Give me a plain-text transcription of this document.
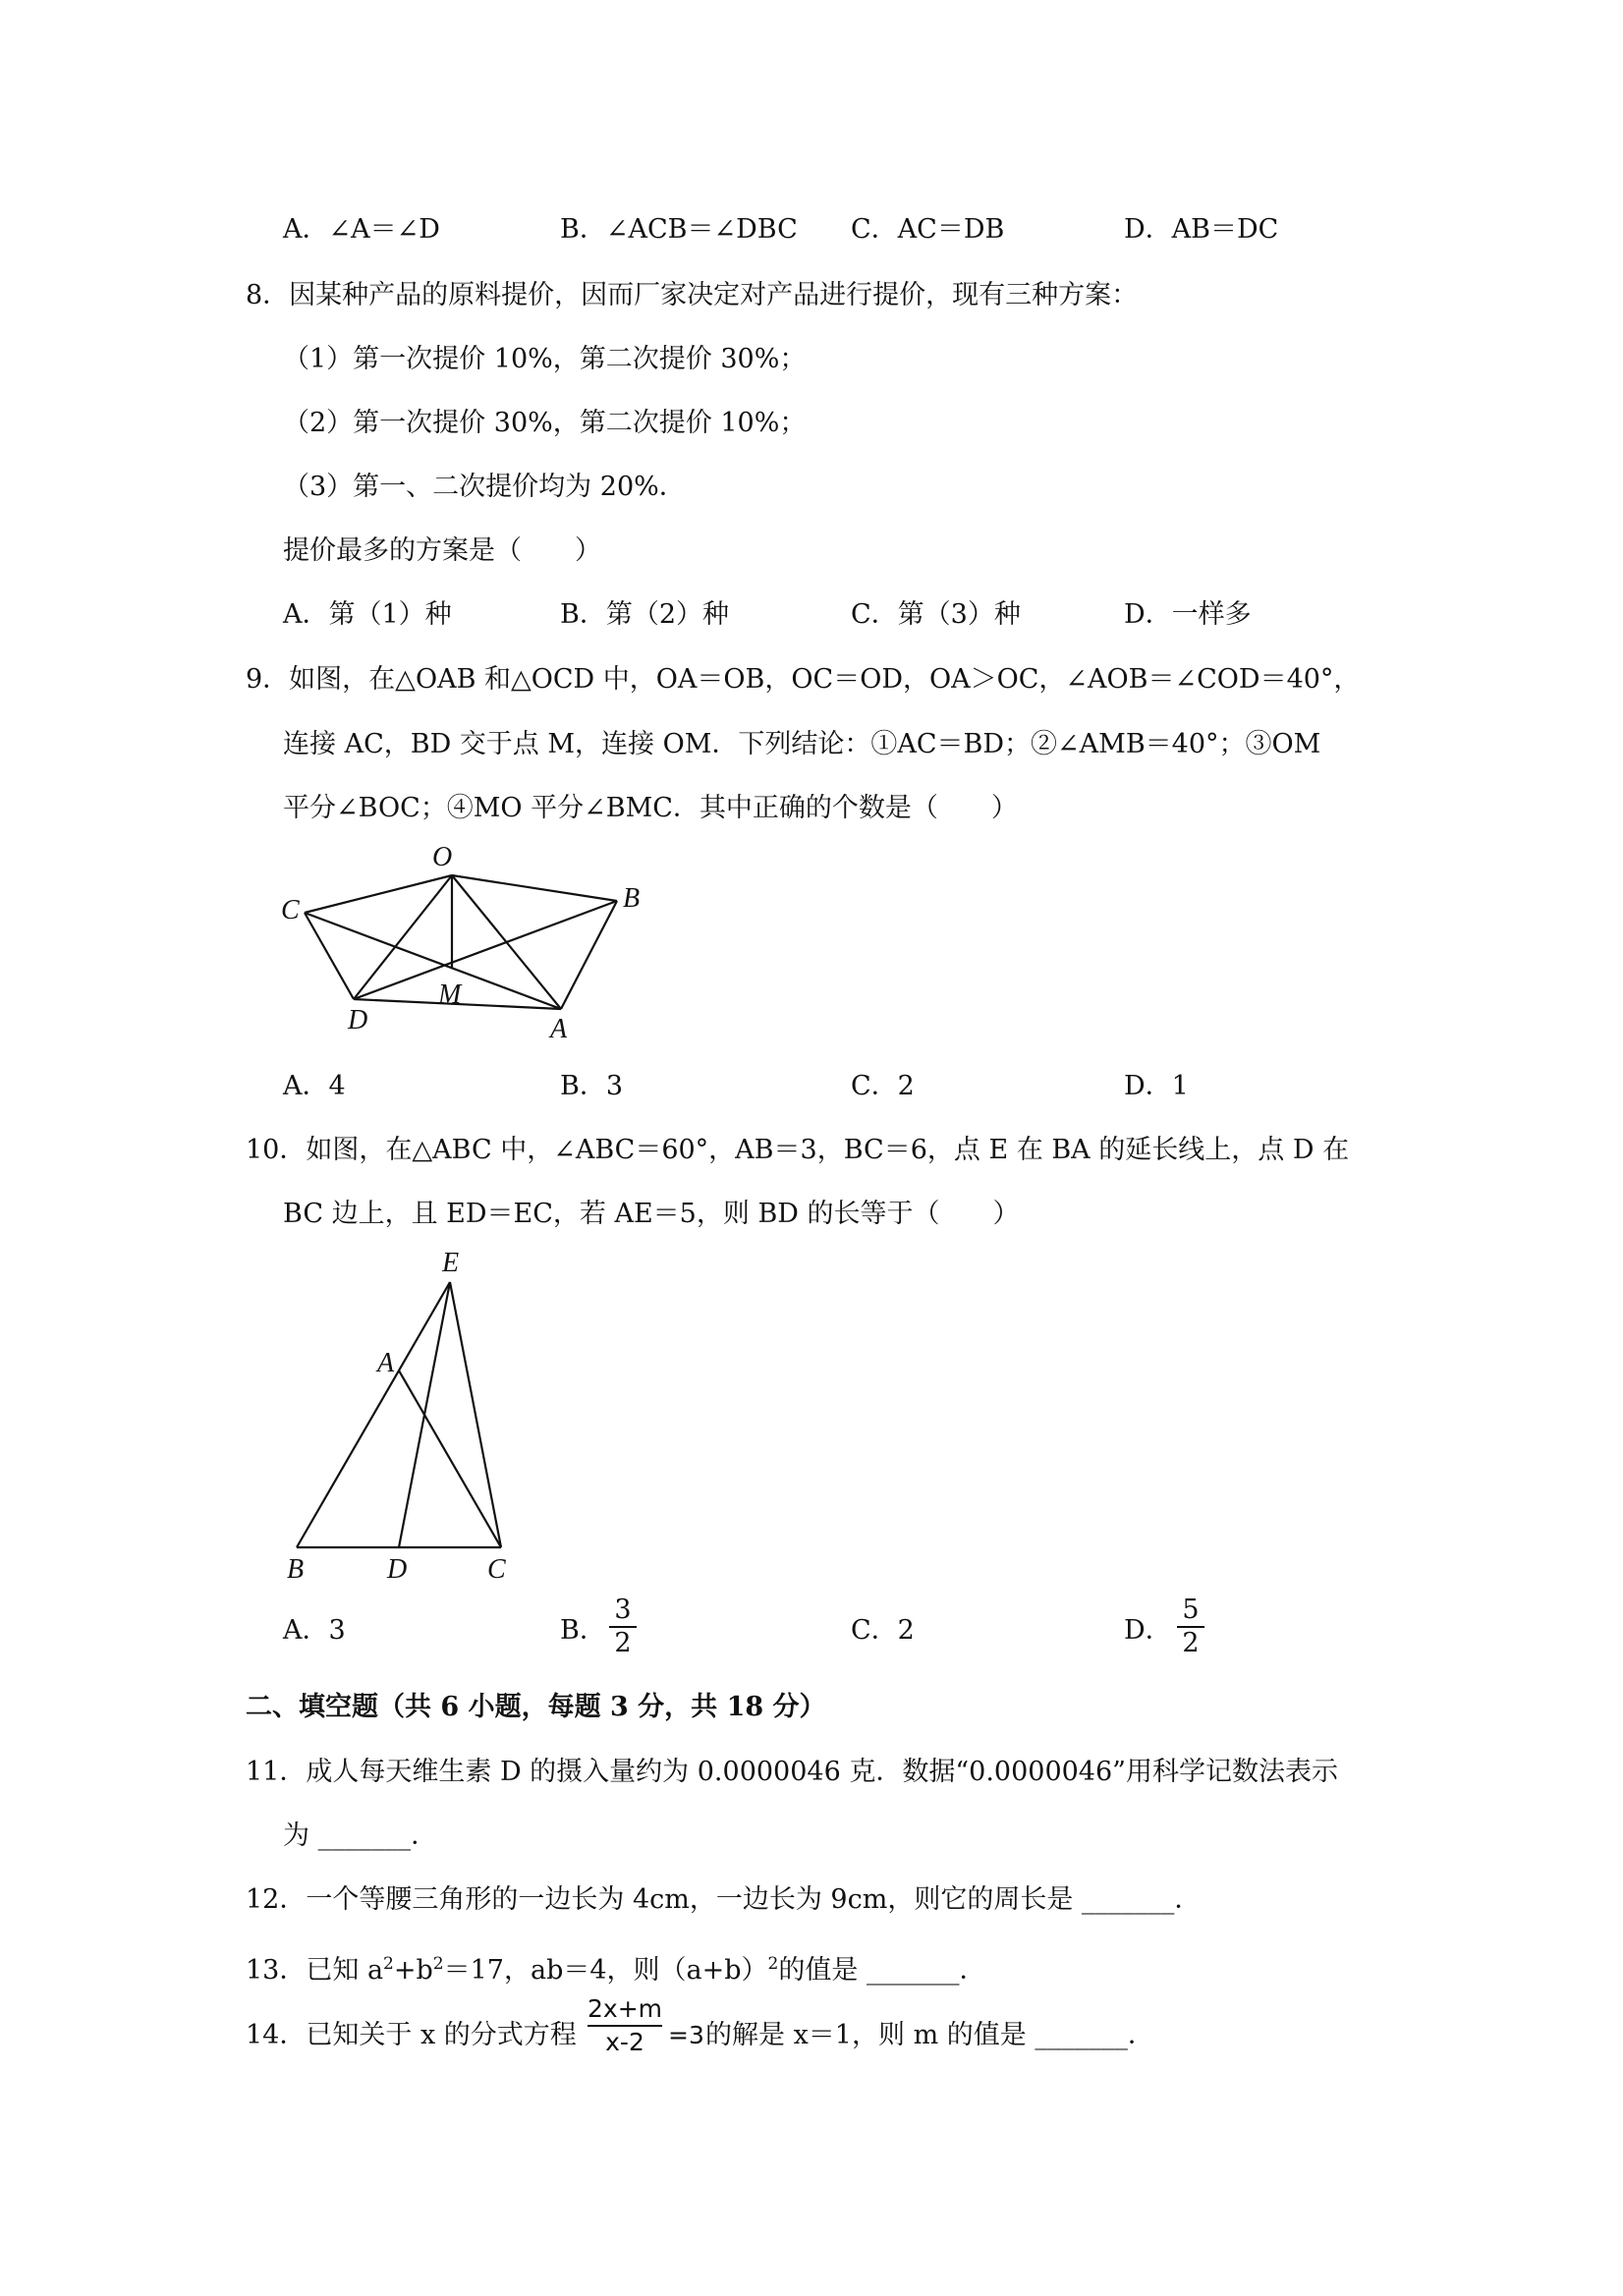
A．∠A＝∠D	B．∠ACB＝∠DBC C．AC＝DB	D．AB＝DC
8．因某种产品的原料提价，因而厂家决定对产品进行提价，现有三种方案：
（1）第一次提价 10%，第二次提价 30%；
（2）第一次提价 30%，第二次提价 10%；
（3）第一、二次提价均为 20%．
提价最多的方案是（　　）
A．第（1）种	B．第（2）种	C．第（3）种	D．一样多
9．如图，在△OAB 和△OCD 中，OA＝OB，OC＝OD，OA＞OC，∠AOB＝∠COD＝40°，
连接 AC，BD 交于点 M，连接 OM．下列结论：①AC＝BD；②∠AMB＝40°；③OM
平分∠BOC；④MO 平分∠BMC．其中正确的个数是（　　）
O
C	B
D
M
A
A．4	B．3	C．2	D．1
10．如图，在△ABC 中，∠ABC＝60°，AB＝3，BC＝6，点 E 在 BA 的延长线上，点 D 在
BC 边上，且 ED＝EC，若 AE＝5，则 BD 的长等于（　　）
E
A
B	D	C
A．3	B．
3
2	C．2	D．
5
2
二、填空题（共 6 小题，每题 3 分，共 18 分）
11．成人每天维生素 D 的摄入量约为 0.0000046 克．数据“0.0000046”用科学记数法表示
为 _______．
12．一个等腰三角形的一边长为 4cm，一边长为 9cm，则它的周长是 _______．
13．已知 $a^2+b^2=17$，ab＝4，则$(a+b)^2$的值是 _______．
14．已知关于 x 的分式方程
2x+m
x-2 =3 的解是 x＝1，则 m 的值是 _______．
